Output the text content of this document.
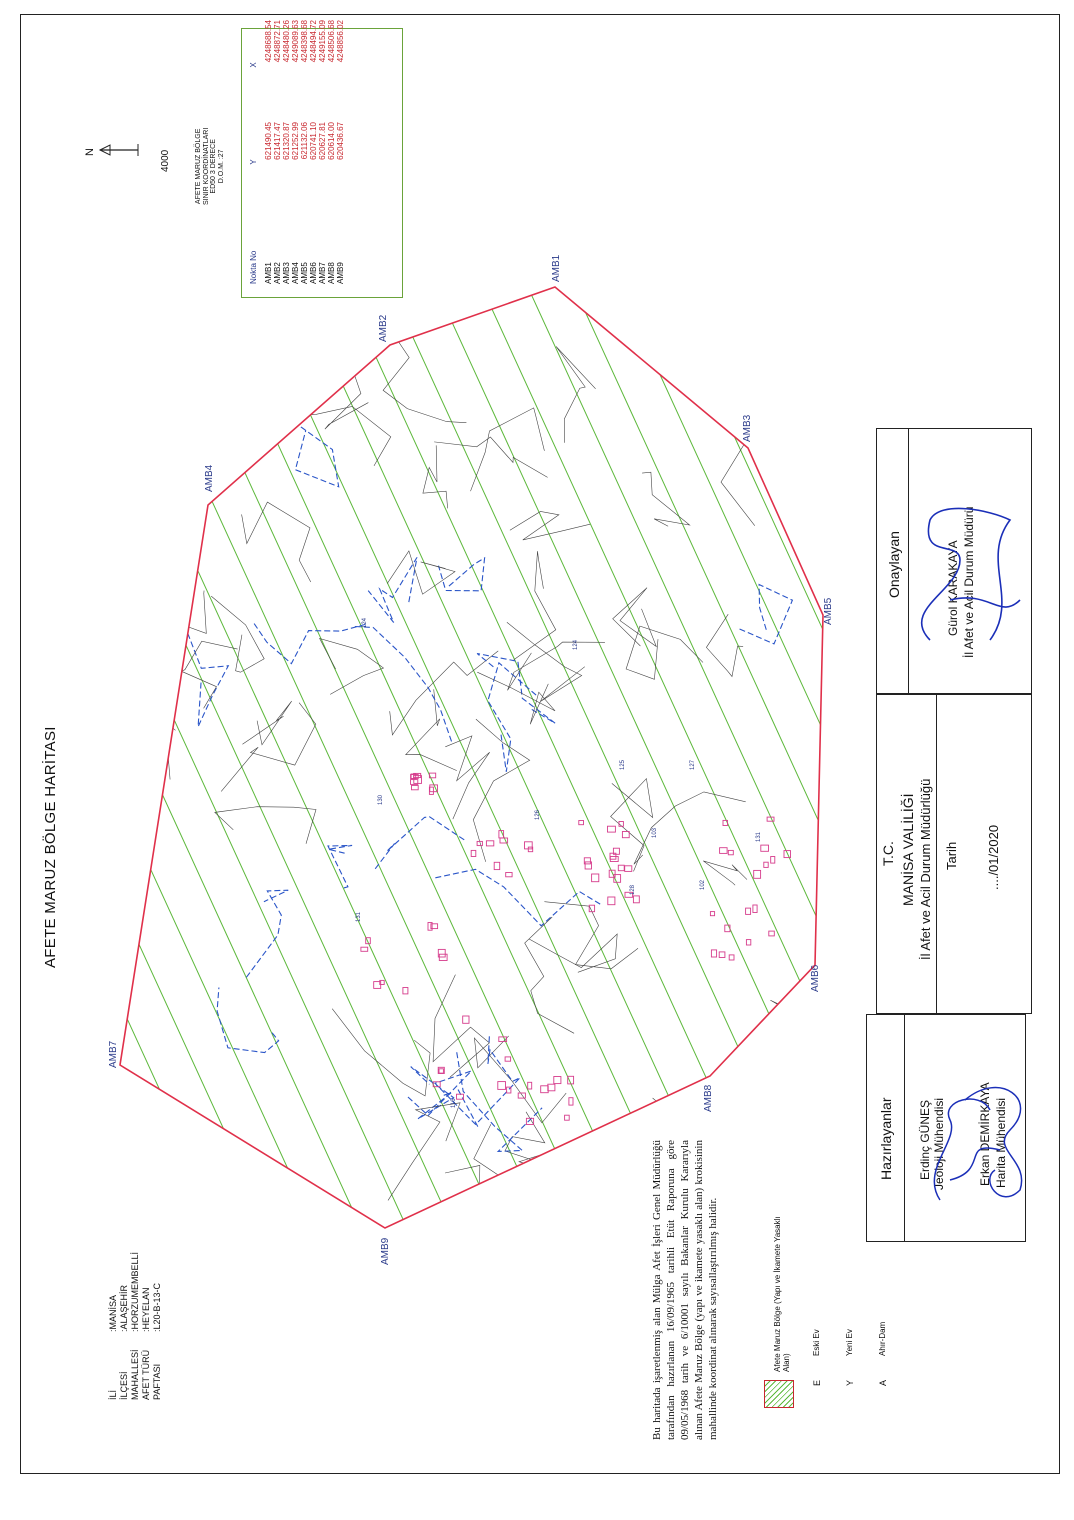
AFETE MARUZ BÖLGE HARİTASI
N	4000	AFETE MARUZ BÖLGE SINIR KOORDİNATLARI ED50 3 DERECE D.O.M. :27
Nokta No	Y	X

AMB1	621490.45	4248688.54
AMB2	621417.47	4248872.71
AMB3	621320.87	4248480.26
AMB4	621252.99	4249089.63
AMB5	621132.06	4248398.68
AMB6	620741.10	4248494.72
AMB7	620627.81	4249155.09
AMB8	620614.00	4248506.68
AMB9	620436.67	4248856.02
AMB1
AMB2
AMB3
AMB4
AMB5
AMB6
AMB7
AMB8
AMB9
124
124
125	127
126
128
103
102
131
116
131
130
İLİ	:MANİSA
İLÇESİ	:ALAŞEHİR
MAHALLESİ	:HORZUMEMBELLİ
AFET TÜRÜ	:HEYELAN
PAFTASI	:L20-B-13-C	Bu haritada işaretlenmiş alan Mülga Afet İşleri Genel Müdürlüğü tarafından hazırlanan 16/09/1965 tarihli Etüt Raporuna göre 09/05/1968 tarih ve 6/10001 sayılı Bakanlar Kurulu Kararıyla alınan Afete Maruz Bölge (yapı ve ikamete yasaklı alan) krokisinin mahallinde koordinat alınarak sayısallaştırılmış halidir.	Afete Maruz Bölge (Yapı ve İkamete Yasaklı Alan)
E
Eski Ev
Y
Yeni Ev
A
Ahır-Dam
Onaylayan	Gürol KARAKAYA İl Afet ve Acil Durum Müdürü
T.C. MANİSA VALİLİĞİ İl Afet ve Acil Durum Müdürlüğü Tarih ..../01/2020
Hazırlayanlar Erdinç GÜNEŞ Jeoloji Mühendisi	Erkan DEMİRKAYA Harita Mühendisi
